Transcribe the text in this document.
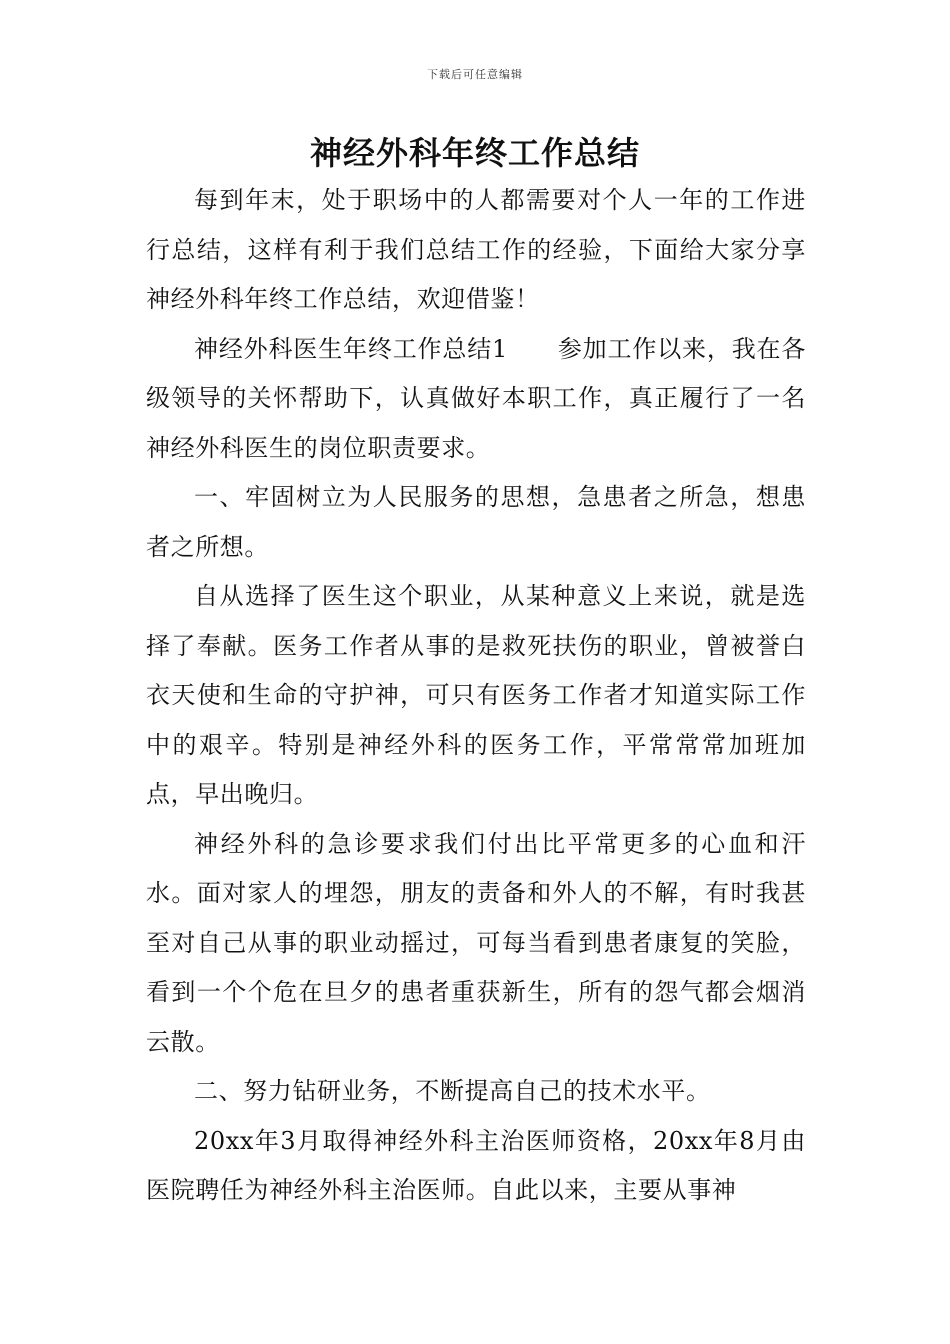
下载后可任意编辑
神经外科年终工作总结

每到年末，处于职场中的人都需要对个人一年的工作进行总结，这样有利于我们总结工作的经验，下面给大家分享神经外科年终工作总结，欢迎借鉴！

神经外科医生年终工作总结1　　参加工作以来，我在各级领导的关怀帮助下，认真做好本职工作，真正履行了一名神经外科医生的岗位职责要求。

一、牢固树立为人民服务的思想，急患者之所急，想患者之所想。

自从选择了医生这个职业，从某种意义上来说，就是选择了奉献。医务工作者从事的是救死扶伤的职业，曾被誉白衣天使和生命的守护神，可只有医务工作者才知道实际工作中的艰辛。特别是神经外科的医务工作，平常常常加班加点，早出晚归。

神经外科的急诊要求我们付出比平常更多的心血和汗水。面对家人的埋怨，朋友的责备和外人的不解，有时我甚至对自己从事的职业动摇过，可每当看到患者康复的笑脸，看到一个个危在旦夕的患者重获新生，所有的怨气都会烟消云散。

二、努力钻研业务，不断提高自己的技术水平。

20xx年3月取得神经外科主治医师资格，20xx年8月由医院聘任为神经外科主治医师。自此以来，主要从事神
